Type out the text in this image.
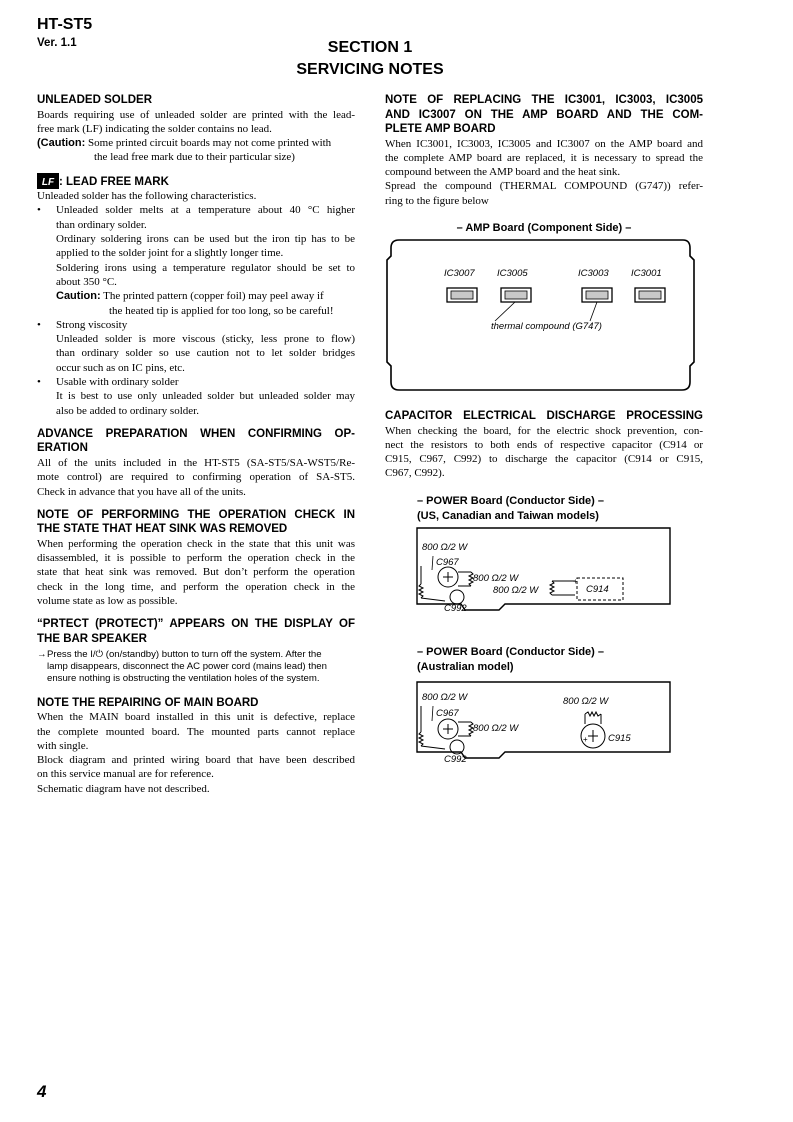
HT-ST5
Ver. 1.1	SECTION 1
SERVICING NOTES
UNLEADED SOLDER
Boards requiring use of unleaded solder are printed with the lead-
free mark (LF) indicating the solder contains no lead.
(Caution: Some printed circuit boards may not come printed with
the lead free mark due to their particular size)
LF : LEAD FREE MARK
Unleaded solder has the following characteristics.
• Unleaded solder melts at a temperature about 40 °C higher
than ordinary solder.
Ordinary soldering irons can be used but the iron tip has to be
applied to the solder joint for a slightly longer time.
Soldering irons using a temperature regulator should be set to
about 350 °C.
Caution: The printed pattern (copper foil) may peel away if
the heated tip is applied for too long, so be careful!
• Strong viscosity
Unleaded solder is more viscous (sticky, less prone to flow)
than ordinary solder so use caution not to let solder bridges
occur such as on IC pins, etc.
• Usable with ordinary solder
It is best to use only unleaded solder but unleaded solder may
also be added to ordinary solder.
ADVANCE PREPARATION WHEN CONFIRMING OP-
ERATION
All of the units included in the HT-ST5 (SA-ST5/SA-WST5/Re-
mote control) are required to confirming operation of SA-ST5.
Check in advance that you have all of the units.
NOTE OF PERFORMING THE OPERATION CHECK IN
THE STATE THAT HEAT SINK WAS REMOVED
When performing the operation check in the state that this unit was
disassembled, it is possible to perform the operation check in the
state that heat sink was removed. But don’t perform the operation
check in the long time, and perform the operation check in the
volume state as low as possible.
“PRTECT (PROTECT)” APPEARS ON THE DISPLAY OF
THE BAR SPEAKER
→ Press the I/⏻ (on/standby) button to turn off the system. After the
lamp disappears, disconnect the AC power cord (mains lead) then
ensure nothing is obstructing the ventilation holes of the system.
NOTE THE REPAIRING OF MAIN BOARD
When the MAIN board installed in this unit is defective, replace
the complete mounted board. The mounted parts cannot replace
with single.
Block diagram and printed wiring board that have been described
on this service manual are for reference.
Schematic diagram have not described.
NOTE OF REPLACING THE IC3001, IC3003, IC3005
AND IC3007 ON THE AMP BOARD AND THE COM-
PLETE AMP BOARD
When IC3001, IC3003, IC3005 and IC3007 on the AMP board and
the complete AMP board are replaced, it is necessary to spread the
compound between the AMP board and the heat sink.
Spread the compound (THERMAL COMPOUND (G747)) refer-
ring to the figure below
– AMP Board (Component Side) –
IC3007 IC3005	IC3003 IC3001
thermal compound (G747)
CAPACITOR ELECTRICAL DISCHARGE PROCESSING
When checking the board, for the electric shock prevention, con-
nect the resistors to both ends of respective capacitor (C914 or
C915, C967, C992) to discharge the capacitor (C914 or C915,
C967, C992).
– POWER Board (Conductor Side) –
(US, Canadian and Taiwan models)
+
800 Ω/2 W
C967
800 Ω/2 W
800 Ω/2 W	C914
C992
– POWER Board (Conductor Side) –
(Australian model)
+
800 Ω/2 W
C967
800 Ω/2 W
800 Ω/2 W
C915
C992
4
